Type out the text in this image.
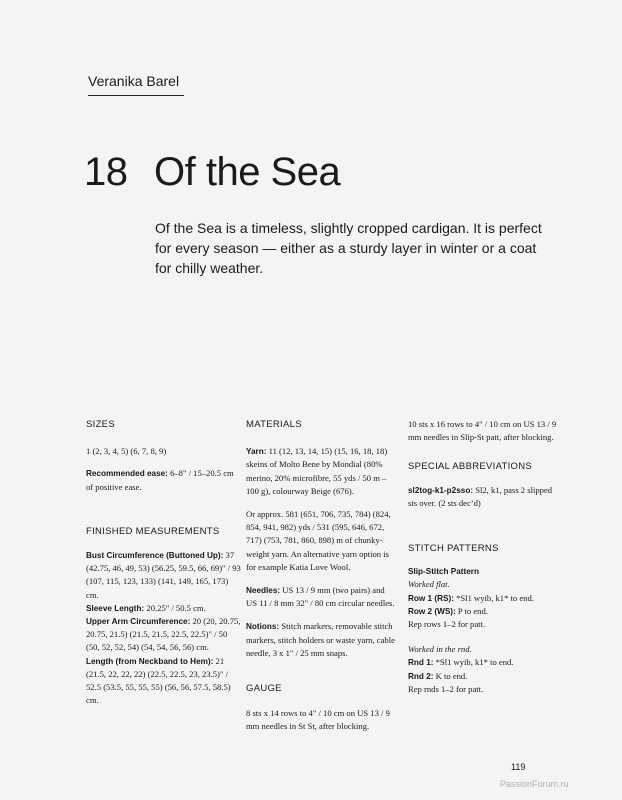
Veranika Barel
18 Of the Sea
Of the Sea is a timeless, slightly cropped cardigan. It is perfect for every season — either as a sturdy layer in winter or a coat for chilly weather.

SIZES

1 (2, 3, 4, 5) (6, 7, 8, 9)

Recommended ease: 6–8" / 15–20.5 cm of positive ease.

FINISHED MEASUREMENTS

Bust Circumference (Buttoned Up): 37 (42.75, 46, 49, 53) (56.25, 59.5, 66, 69)" / 93 (107, 115, 123, 133) (141, 149, 165, 173) cm.

Sleeve Length: 20.25" / 50.5 cm.

Upper Arm Circumference: 20 (20, 20.75, 20.75, 21.5) (21.5, 21.5, 22.5, 22.5)" / 50 (50, 52, 52, 54) (54, 54, 56, 56) cm.

Length (from Neckband to Hem): 21 (21.5, 22, 22, 22) (22.5, 22.5, 23, 23.5)" / 52.5 (53.5, 55, 55, 55) (56, 56, 57.5, 58.5) cm.

MATERIALS

Yarn: 11 (12, 13, 14, 15) (15, 16, 18, 18) skeins of Molto Bene by Mondial (80% merino, 20% microfibre, 55 yds / 50 m – 100 g), colourway Beige (676).

Or approx. 581 (651, 706, 735, 784) (824, 854, 941, 982) yds / 531 (595, 646, 672, 717) (753, 781, 860, 898) m of chunky-weight yarn. An alternative yarn option is for example Katia Love Wool.

Needles: US 13 / 9 mm (two pairs) and US 11 / 8 mm 32" / 80 cm circular needles.

Notions: Stitch markers, removable stitch markers, stitch holders or waste yarn, cable needle, 3 x 1" / 25 mm snaps.

GAUGE

8 sts x 14 rows to 4" / 10 cm on US 13 / 9 mm needles in St St, after blocking.

10 sts x 16 rows to 4" / 10 cm on US 13 / 9 mm needles in Slip-St patt, after blocking.

SPECIAL ABBREVIATIONS

sl2tog-k1-p2sso: Sl2, k1, pass 2 slipped sts over. (2 sts dec’d)

STITCH PATTERNS

Slip-Stitch Pattern

Worked flat.

Row 1 (RS): *Sl1 wyib, k1* to end.

Row 2 (WS): P to end.

Rep rows 1–2 for patt.

Worked in the rnd.

Rnd 1: *Sl1 wyib, k1* to end.

Rnd 2: K to end.

Rep rnds 1–2 for patt.

119
PassionForum.ru
